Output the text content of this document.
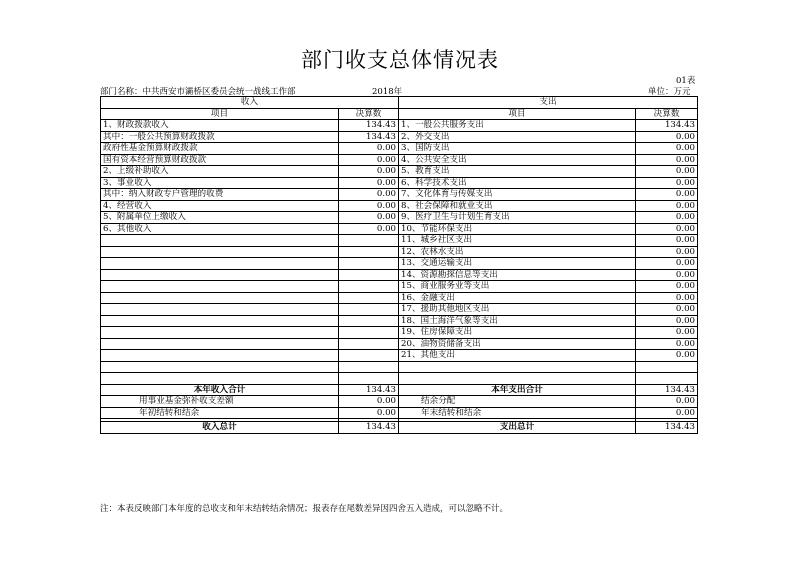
部门收支总体情况表
01表
部门名称：中共西安市灞桥区委员会统一战线工作部	2018年	单位：万元
收入		支出	
项目	决算数	项目	决算数
1、财政拨款收入	134.43	1、一般公共服务支出	134.43
其中：一般公共预算财政拨款	134.43	2、外交支出	0.00
政府性基金预算财政拨款	0.00	3、国防支出	0.00
国有资本经营预算财政拨款	0.00	4、公共安全支出	0.00
2、上级补助收入	0.00	5、教育支出	0.00
3、事业收入	0.00	6、科学技术支出	0.00
其中：纳入财政专户管理的收费	0.00	7、文化体育与传媒支出	0.00
4、经营收入	0.00	8、社会保障和就业支出	0.00
5、附属单位上缴收入	0.00	9、医疗卫生与计划生育支出	0.00
6、其他收入	0.00	10、节能环保支出	0.00
		11、城乡社区支出	0.00
		12、农林水支出	0.00
		13、交通运输支出	0.00
		14、资源勘探信息等支出	0.00
		15、商业服务业等支出	0.00
		16、金融支出	0.00
		17、援助其他地区支出	0.00
		18、国土海洋气象等支出	0.00
		19、住房保障支出	0.00
		20、油物资储备支出	0.00
		21、其他支出	0.00

本年收入合计	134.43	本年支出合计	134.43
用事业基金弥补收支差额	0.00	结余分配	0.00
年初结转和结余	0.00	年末结转和结余	0.00

收入总计	134.43	支出总计	134.43
注：本表反映部门本年度的总收支和年末结转结余情况；报表存在尾数差异因四舍五入造成，可以忽略不计。
